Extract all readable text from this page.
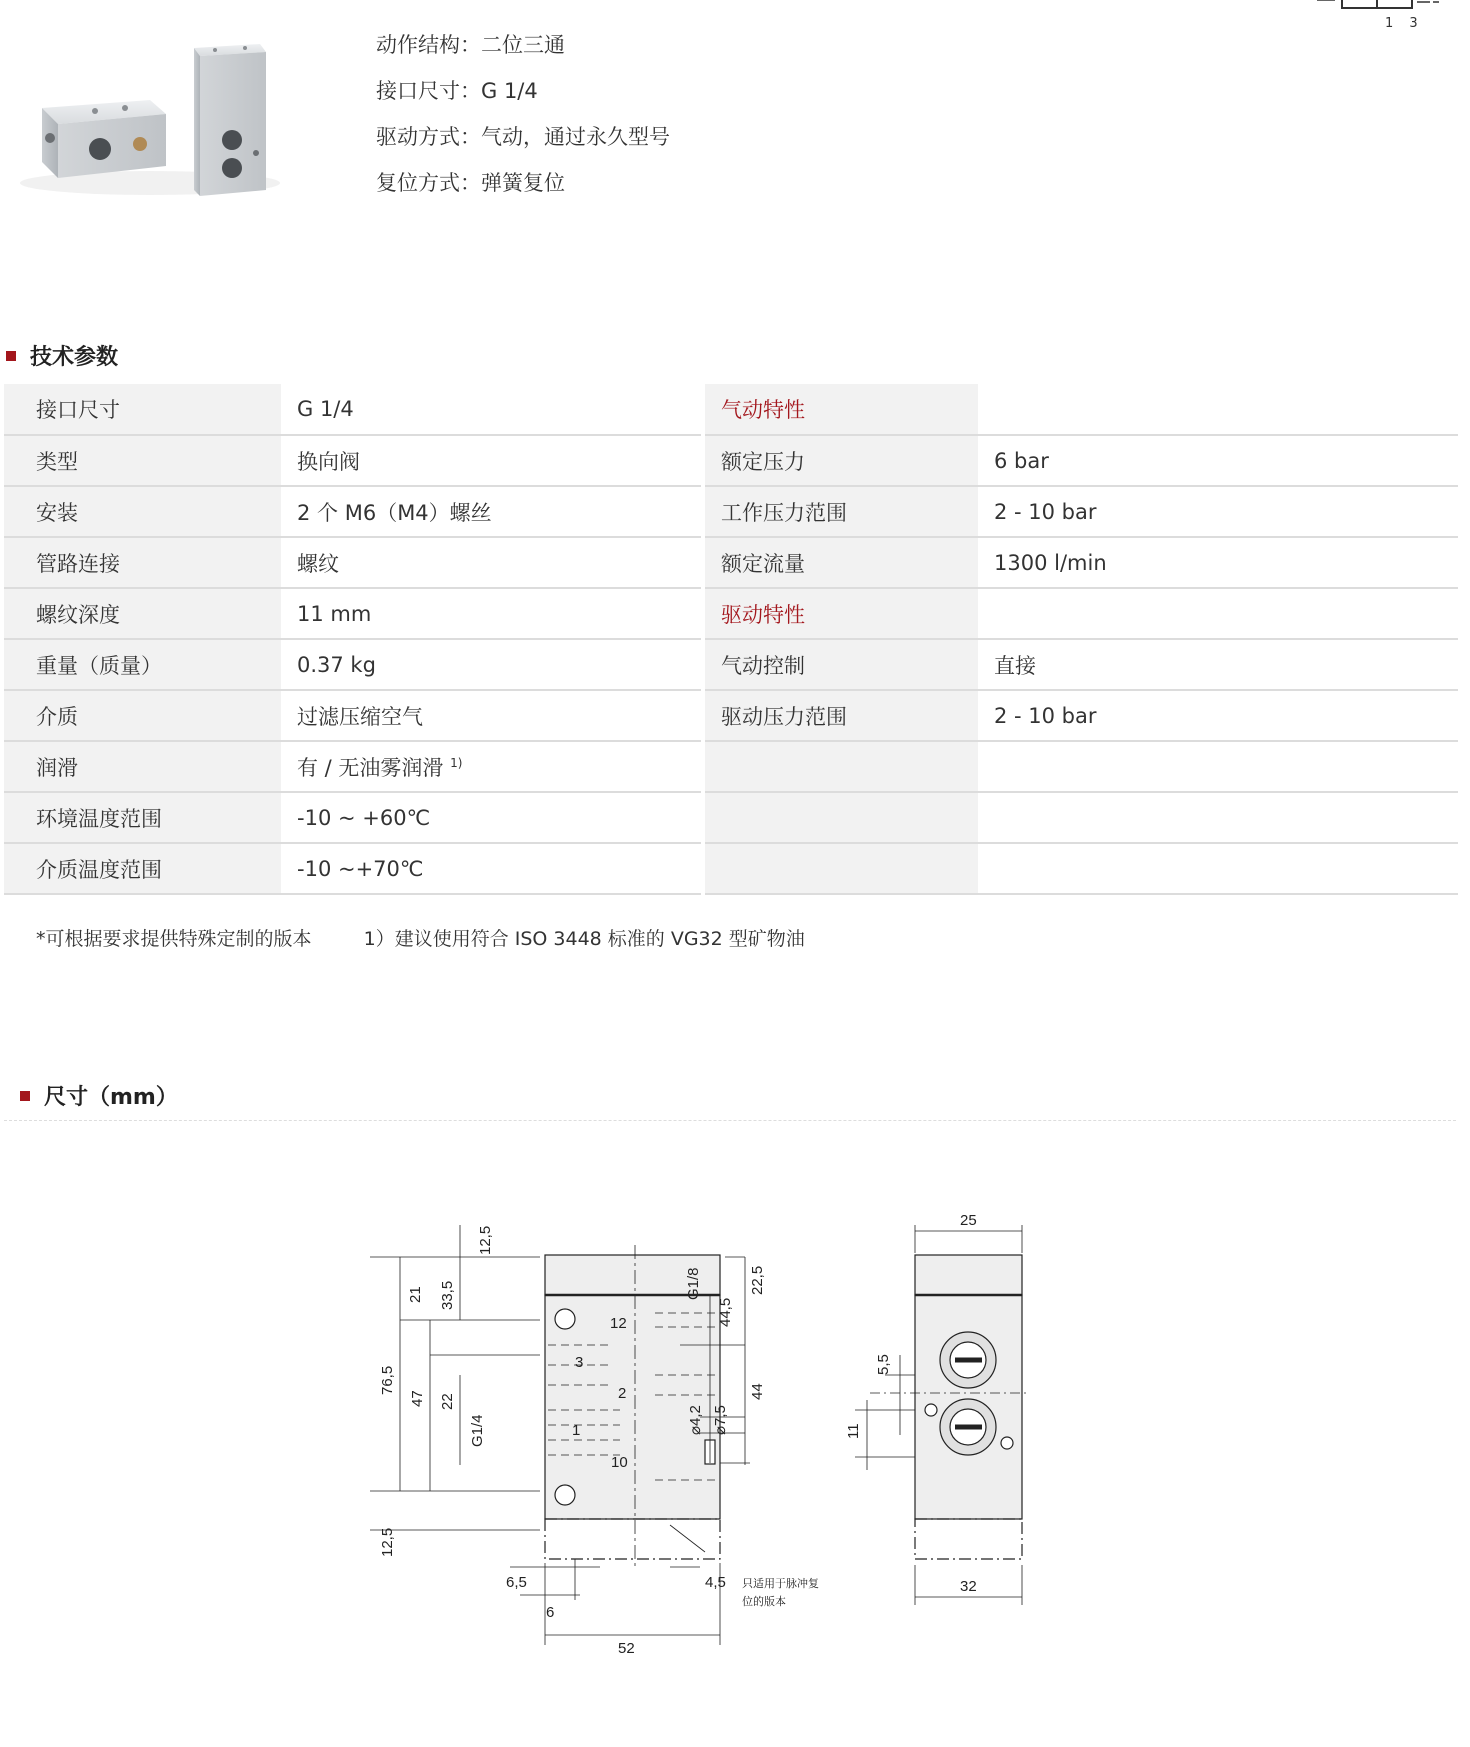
动作结构：二位三通
接口尺寸：G 1/4
驱动方式：气动，通过永久型号
复位方式：弹簧复位
1 3
技术参数
接口尺寸	G 1/4		气动特性	
类型	换向阀		额定压力	6 bar
安装	2 个 M6（M4）螺丝		工作压力范围	2 - 10 bar
管路连接	螺纹		额定流量	1300 l/min
螺纹深度	11 mm		驱动特性	
重量（质量）	0.37 kg		气动控制	直接
介质	过滤压缩空气		驱动压力范围	2 - 10 bar
润滑	有 / 无油雾润滑 $^{1)}$			
环境温度范围	-10 ~ +60℃			
介质温度范围	-10 ~+70℃			
*可根据要求提供特殊定制的版本	1）建议使用符合 ISO 3448 标准的 VG32 型矿物油
尺寸（mm）
12,5
21 33,5
76,5
47 22
G1/4
12,5
6,5
6
52
4,5
G1/8
44,5
22,5
44
⌀4,2 ⌀7,5
12
3
2
1
10
只适用于脉冲复
位的版本
25
5,5
11
32
